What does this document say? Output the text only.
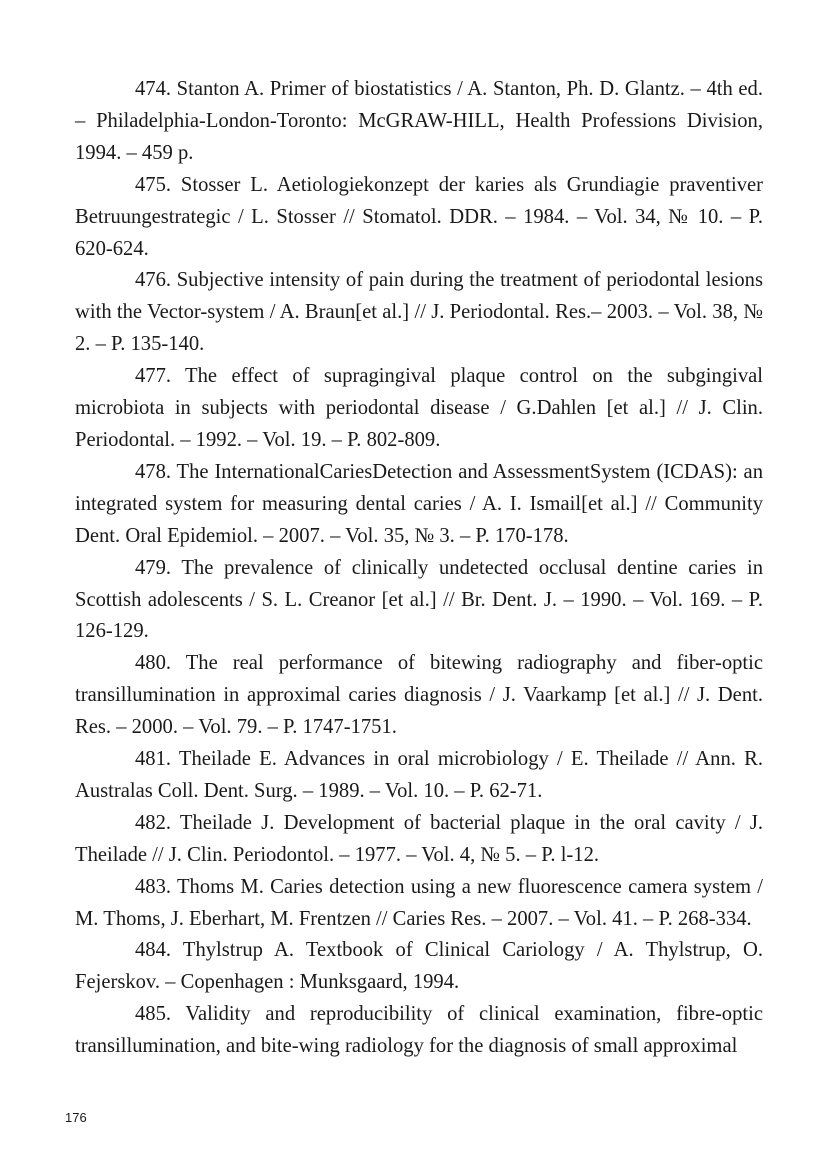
474. Stanton A. Primer of biostatistics / A. Stanton, Ph. D. Glantz. – 4th ed. – Philadelphia-London-Toronto: McGRAW-HILL, Health Professions Division, 1994. – 459 p.

475. Stosser L. Aetiologiekonzept der karies als Grundiagie praventiver Betruungestrategic / L. Stosser // Stomatol. DDR. – 1984. – Vol. 34, № 10. – P. 620-624.

476. Subjective intensity of pain during the treatment of periodontal lesions with the Vector-system / A. Braun[et al.] // J. Periodontal. Res.– 2003. – Vol. 38, № 2. – P. 135-140.

477. The effect of supragingival plaque control on the subgingival microbiota in subjects with periodontal disease / G.Dahlen [et al.] // J. Clin. Periodontal. – 1992. – Vol. 19. – P. 802-809.

478. The InternationalCariesDetection and AssessmentSystem (ICDAS): an integrated system for measuring dental caries / A. I. Ismail[et al.] // Community Dent. Oral Epidemiol. – 2007. – Vol. 35, № 3. – P. 170-178.

479. The prevalence of clinically undetected occlusal dentine caries in Scottish adolescents / S. L. Creanor [et al.] // Br. Dent. J. – 1990. – Vol. 169. – P. 126-129.

480. The real performance of bitewing radiography and fiber-optic transillumination in approximal caries diagnosis / J. Vaarkamp [et al.] // J. Dent. Res. – 2000. – Vol. 79. – P. 1747-1751.

481. Theilade E. Advances in oral microbiology / E. Theilade // Ann. R. Australas Coll. Dent. Surg. – 1989. – Vol. 10. – P. 62-71.

482. Theilade J. Development of bacterial plaque in the oral cavity / J. Theilade // J. Clin. Periodontol. – 1977. – Vol. 4, № 5. – P. l-12.

483. Thoms M. Caries detection using a new fluorescence camera system / M. Thoms, J. Eberhart, M. Frentzen // Caries Res. – 2007. – Vol. 41. – P. 268-334.

484. Thylstrup A. Textbook of Clinical Cariology / A. Thylstrup, O. Fejerskov. – Copenhagen : Munksgaard, 1994.

485. Validity and reproducibility of clinical examination, fibre-optic transillumination, and bite-wing radiology for the diagnosis of small approximal

176
